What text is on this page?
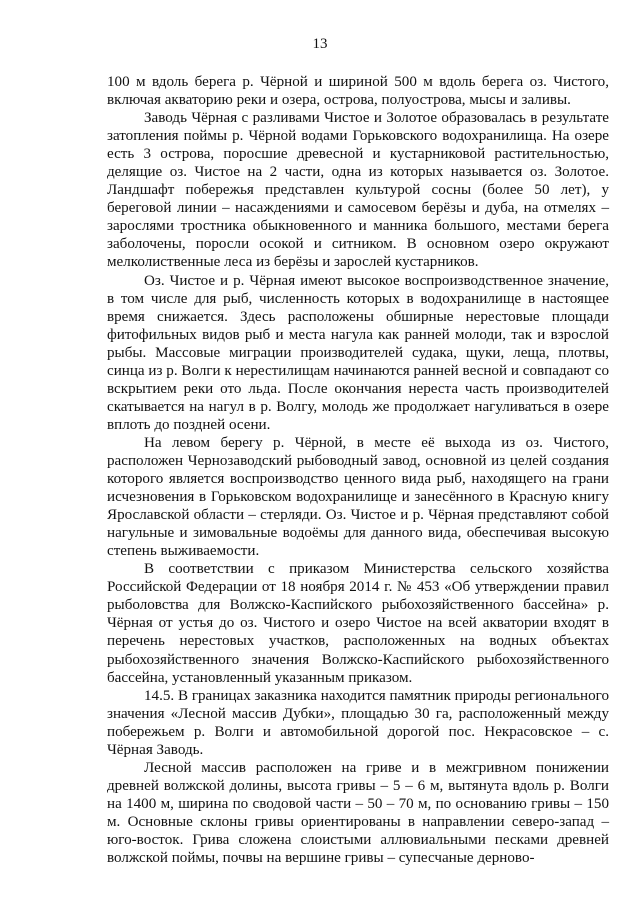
13

100 м вдоль берега р. Чёрной и шириной 500 м вдоль берега оз. Чистого, включая акваторию реки и озера, острова, полуострова, мысы и заливы.

Заводь Чёрная с разливами Чистое и Золотое образовалась в результате затопления поймы р. Чёрной водами Горьковского водохранилища. На озере есть 3 острова, поросшие древесной и кустарниковой растительностью, делящие оз. Чистое на 2 части, одна из которых называется оз. Золотое. Ландшафт побережья представлен культурой сосны (более 50 лет), у береговой линии – насаждениями и самосевом берёзы и дуба, на отмелях – зарослями тростника обыкновенного и манника большого, местами берега заболочены, поросли осокой и ситником. В основном озеро окружают мелколиственные леса из берёзы и зарослей кустарников.

Оз. Чистое и р. Чёрная имеют высокое воспроизводственное значение, в том числе для рыб, численность которых в водохранилище в настоящее время снижается. Здесь расположены обширные нерестовые площади фитофильных видов рыб и места нагула как ранней молоди, так и взрослой рыбы. Массовые миграции производителей судака, щуки, леща, плотвы, синца из р. Волги к нерестилищам начинаются ранней весной и совпадают со вскрытием реки ото льда. После окончания нереста часть производителей скатывается на нагул в р. Волгу, молодь же продолжает нагуливаться в озере вплоть до поздней осени.

На левом берегу р. Чёрной, в месте её выхода из оз. Чистого, расположен Чернозаводский рыбоводный завод, основной из целей создания которого является воспроизводство ценного вида рыб, находящего на грани исчезновения в Горьковском водохранилище и занесённого в Красную книгу Ярославской области – стерляди. Оз. Чистое и р. Чёрная представляют собой нагульные и зимовальные водоёмы для данного вида, обеспечивая высокую степень выживаемости.

В соответствии с приказом Министерства сельского хозяйства Российской Федерации от 18 ноября 2014 г. № 453 «Об утверждении правил рыболовства для Волжско-Каспийского рыбохозяйственного бассейна» р. Чёрная от устья до оз. Чистого и озеро Чистое на всей акватории входят в перечень нерестовых участков, расположенных на водных объектах рыбохозяйственного значения Волжско-Каспийского рыбохозяйственного бассейна, установленный указанным приказом.

14.5. В границах заказника находится памятник природы регионального значения «Лесной массив Дубки», площадью 30 га, расположенный между побережьем р. Волги и автомобильной дорогой пос. Некрасовское – с. Чёрная Заводь.

Лесной массив расположен на гриве и в межгривном понижении древней волжской долины, высота гривы – 5 – 6 м, вытянута вдоль р. Волги на 1400 м, ширина по сводовой части – 50 – 70 м, по основанию гривы – 150 м. Основные склоны гривы ориентированы в направлении северо-запад – юго-восток. Грива сложена слоистыми аллювиальными песками древней волжской поймы, почвы на вершине гривы – супесчаные дерново-
